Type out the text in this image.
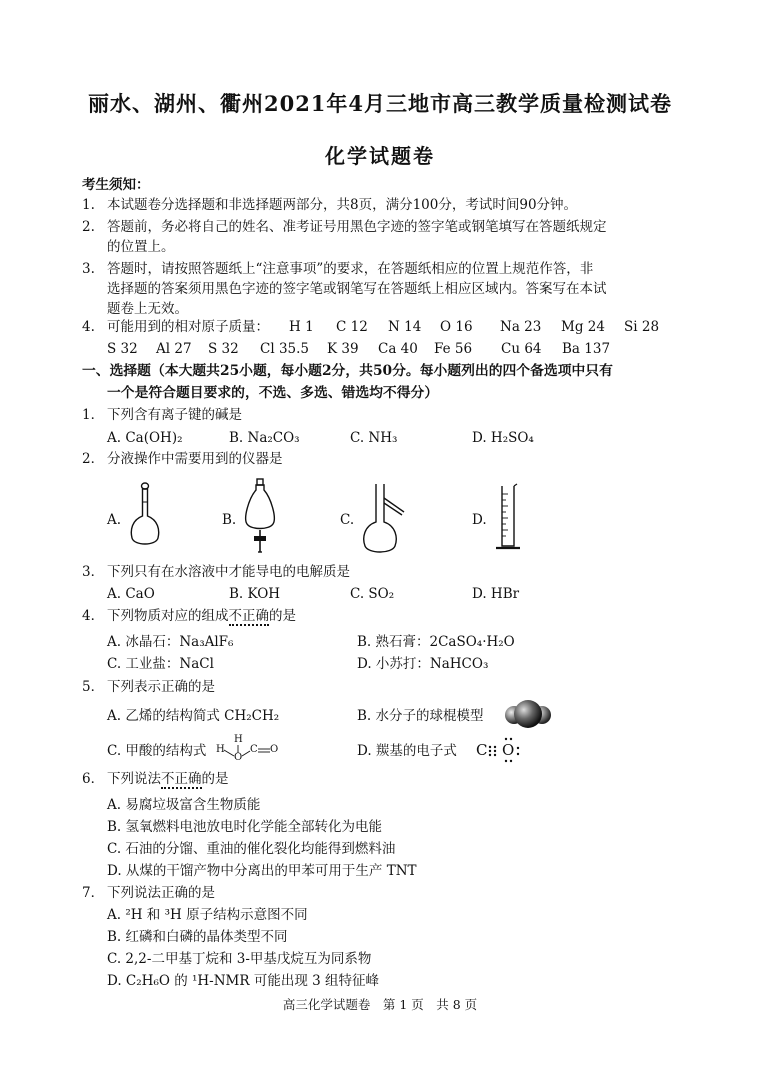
丽水、湖州、衢州2021年4月三地市高三教学质量检测试卷
化学试题卷
考生须知：
1. 本试题卷分选择题和非选择题两部分，共8页，满分100分，考试时间90分钟。
2. 答题前，务必将自己的姓名、准考证号用黑色字迹的签字笔或钢笔填写在答题纸规定
的位置上。
3. 答题时，请按照答题纸上“注意事项”的要求，在答题纸相应的位置上规范作答，非
选择题的答案须用黑色字迹的签字笔或钢笔写在答题纸上相应区域内。答案写在本试
题卷上无效。
4. 可能用到的相对原子质量： H 1 C 12 N 14 O 16 Na 23 Mg 24 Si 28
S 32 Al 27 S 32 Cl 35.5 K 39 Ca 40 Fe 56 Cu 64 Ba 137
一、选择题（本大题共25小题，每小题2分，共50分。每小题列出的四个备选项中只有
一个是符合题目要求的，不选、多选、错选均不得分）
1． 下列含有离子键的碱是
A. Ca(OH)₂	B. Na₂CO₃	C. NH₃	D. H₂SO₄
2． 分液操作中需要用到的仪器是
A.	B.	C.	D.
3． 下列只有在水溶液中才能导电的电解质是
A. CaO	B. KOH	C. SO₂	D. HBr
4． 下列物质对应的组成不正确的是
A. 冰晶石：Na₃AlF₆	B. 熟石膏：2CaSO₄·H₂O
C. 工业盐：NaCl	D. 小苏打：NaHCO₃
5． 下列表示正确的是
A. 乙烯的结构简式 CH₂CH₂	B. 水分子的球棍模型
C. 甲酸的结构式
H
H
O
C O	D. 羰基的电子式 C O
6． 下列说法不正确的是
A. 易腐垃圾富含生物质能
B. 氢氧燃料电池放电时化学能全部转化为电能
C. 石油的分馏、重油的催化裂化均能得到燃料油
D. 从煤的干馏产物中分离出的甲苯可用于生产 TNT
7． 下列说法正确的是
A. ²H 和 ³H 原子结构示意图不同
B. 红磷和白磷的晶体类型不同
C. 2,2-二甲基丁烷和 3-甲基戊烷互为同系物
D. C₂H₆O 的 ¹H-NMR 可能出现 3 组特征峰
高三化学试题卷　第 1 页　共 8 页
